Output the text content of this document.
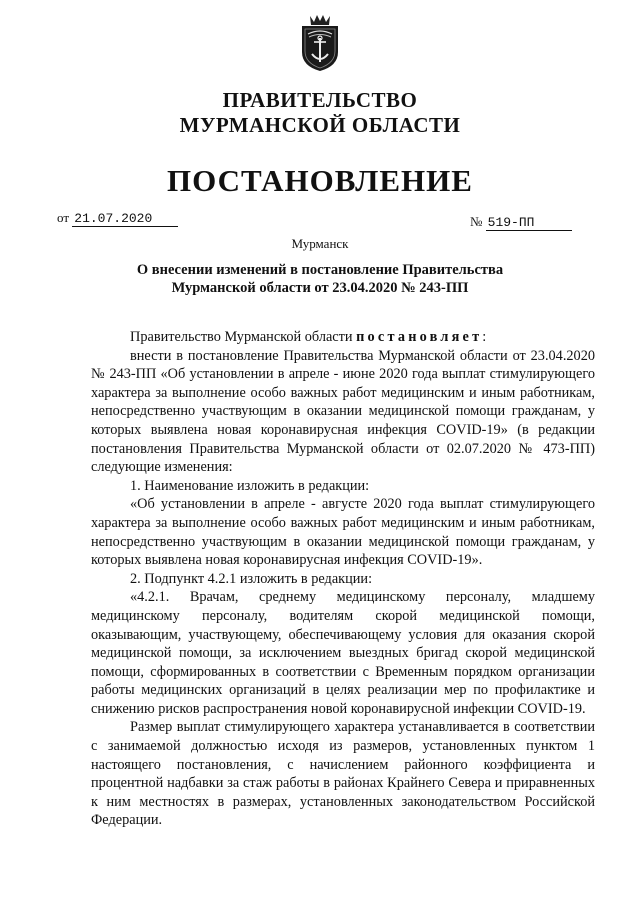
ПРАВИТЕЛЬСТВО
МУРМАНСКОЙ ОБЛАСТИ
ПОСТАНОВЛЕНИЕ
от 21.07.2020	№ 519-ПП
Мурманск
О внесении изменений в постановление Правительства
Мурманской области от 23.04.2020 № 243-ПП

Правительство Мурманской области постановляет:

внести в постановление Правительства Мурманской области от 23.04.2020 № 243-ПП «Об установлении в апреле - июне 2020 года выплат стимулирующего характера за выполнение особо важных работ медицинским и иным работникам, непосредственно участвующим в оказании медицинской помощи гражданам, у которых выявлена новая коронавирусная инфекция COVID-19» (в редакции постановления Правительства Мурманской области от 02.07.2020 № 473-ПП) следующие изменения:

1. Наименование изложить в редакции:

«Об установлении в апреле - августе 2020 года выплат стимулирующего характера за выполнение особо важных работ медицинским и иным работникам, непосредственно участвующим в оказании медицинской помощи гражданам, у которых выявлена новая коронавирусная инфекция COVID-19».

2. Подпункт 4.2.1 изложить в редакции:

«4.2.1. Врачам, среднему медицинскому персоналу, младшему медицинскому персоналу, водителям скорой медицинской помощи, оказывающим, участвующему, обеспечивающему условия для оказания скорой медицинской помощи, за исключением выездных бригад скорой медицинской помощи, сформированных в соответствии с Временным порядком организации работы медицинских организаций в целях реализации мер по профилактике и снижению рисков распространения новой коронавирусной инфекции COVID-19.

Размер выплат стимулирующего характера устанавливается в соответствии с занимаемой должностью исходя из размеров, установленных пунктом 1 настоящего постановления, с начислением районного коэффициента и процентной надбавки за стаж работы в районах Крайнего Севера и приравненных к ним местностях в размерах, установленных законодательством Российской Федерации.
